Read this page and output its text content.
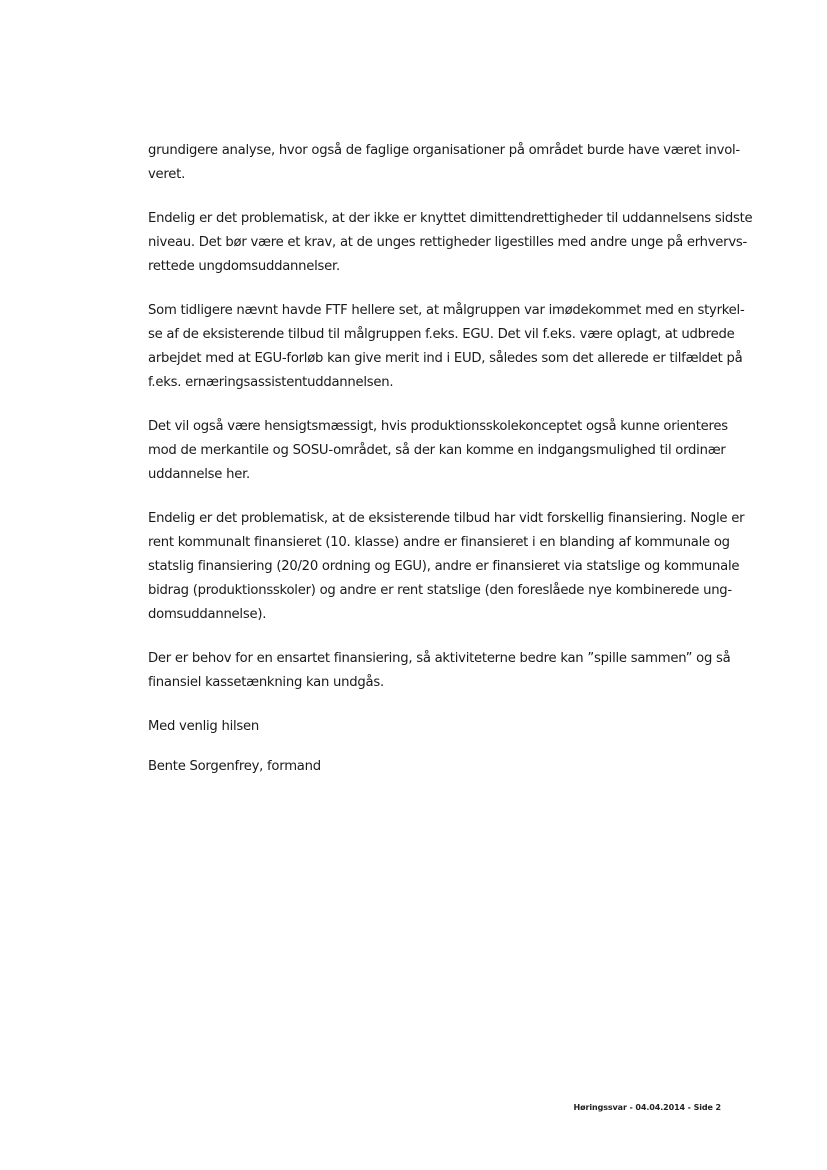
grundigere analyse, hvor også de faglige organisationer på området burde have været invol-
veret.

Endelig er det problematisk, at der ikke er knyttet dimittendrettigheder til uddannelsens sidste
niveau. Det bør være et krav, at de unges rettigheder ligestilles med andre unge på erhvervs-
rettede ungdomsuddannelser.

Som tidligere nævnt havde FTF hellere set, at målgruppen var imødekommet med en styrkel-
se af de eksisterende tilbud til målgruppen f.eks. EGU. Det vil f.eks. være oplagt, at udbrede
arbejdet med at EGU-forløb kan give merit ind i EUD, således som det allerede er tilfældet på
f.eks. ernæringsassistentuddannelsen.

Det vil også være hensigtsmæssigt, hvis produktionsskolekonceptet også kunne orienteres
mod de merkantile og SOSU-området, så der kan komme en indgangsmulighed til ordinær
uddannelse her.

Endelig er det problematisk, at de eksisterende tilbud har vidt forskellig finansiering. Nogle er
rent kommunalt finansieret (10. klasse) andre er finansieret i en blanding af kommunale og
statslig finansiering (20/20 ordning og EGU), andre er finansieret via statslige og kommunale
bidrag (produktionsskoler) og andre er rent statslige (den foreslåede nye kombinerede ung-
domsuddannelse).

Der er behov for en ensartet finansiering, så aktiviteterne bedre kan ”spille sammen” og så
finansiel kassetænkning kan undgås.

Med venlig hilsen

Bente Sorgenfrey, formand

Høringssvar - 04.04.2014 - Side 2
